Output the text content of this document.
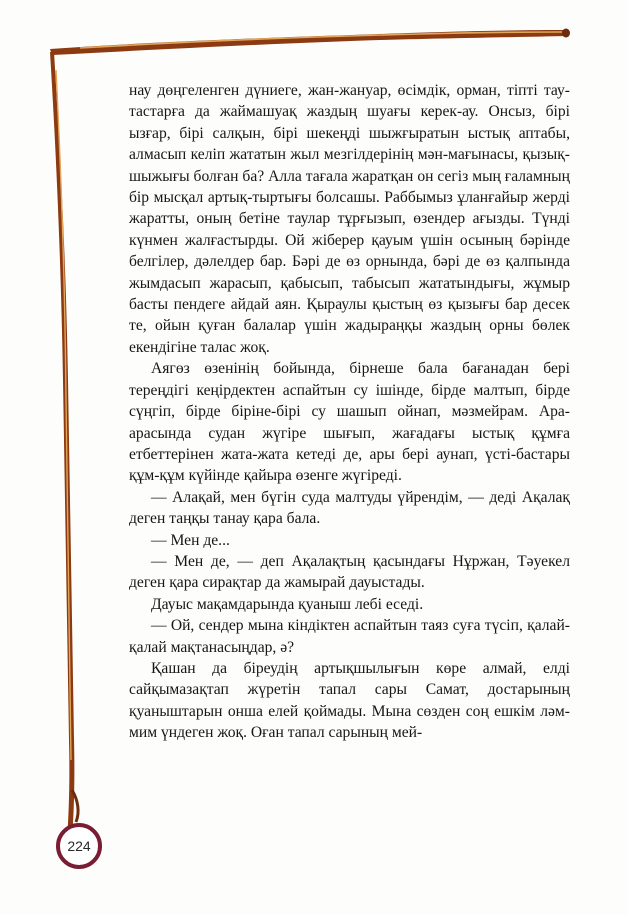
нау дөңгеленген дүниеге, жан-жануар, өсімдік, орман, тіпті тау-тастарға да жаймашуақ жаздың шуағы керек-ау. Онсыз, бірі ызғар, бірі салқын, бірі шекеңді шыжғыратын ыстық аптабы, алмасып келіп жататын жыл мезгілдерінің мән-мағынасы, қызық-шыжығы болған ба? Алла тағала жаратқан он сегіз мың ғаламның бір мысқал артық-тыртығы болсашы. Раббымыз ұланғайыр жерді жаратты, оның бетіне таулар тұрғызып, өзендер ағызды. Түнді күнмен жалғастырды. Ой жіберер қауым үшін осының бәрінде белгілер, дәлелдер бар. Бәрі де өз орнында, бәрі де өз қалпында жымдасып жарасып, қабысып, табысып жататындығы, жұмыр басты пендеге айдай аян. Қыраулы қыстың өз қызығы бар десек те, ойын қуған балалар үшін жадыраңқы жаздың орны бөлек екендігіне талас жоқ.

Аягөз өзенінің бойында, бірнеше бала бағанадан бері тереңдігі кеңірдектен аспайтын су ішінде, бірде малтып, бірде сүңгіп, бірде біріне-бірі су шашып ойнап, мәзмейрам. Ара-арасында судан жүгіре шығып, жағадағы ыстық құмға етбеттерінен жата-жата кетеді де, ары бері аунап, үсті-бастары құм-құм күйінде қайыра өзенге жүгіреді.

— Алақай, мен бүгін суда малтуды үйрендім, — деді Ақалақ деген таңқы танау қара бала.

— Мен де...

— Мен де, — деп Ақалақтың қасындағы Нұржан, Тәуекел деген қара сирақтар да жамырай дауыстады.

Дауыс мақамдарында қуаныш лебі еседі.

— Ой, сендер мына кіндіктен аспайтын таяз суға түсіп, қалай-қалай мақтанасыңдар, ә?

Қашан да біреудің артықшылығын көре алмай, елді сайқымазақтап жүретін тапал сары Самат, достарының қуаныштарын онша елей қоймады. Мына сөзден соң ешкім ләм-мим үндеген жоқ. Оған тапал сарының мей-

224
